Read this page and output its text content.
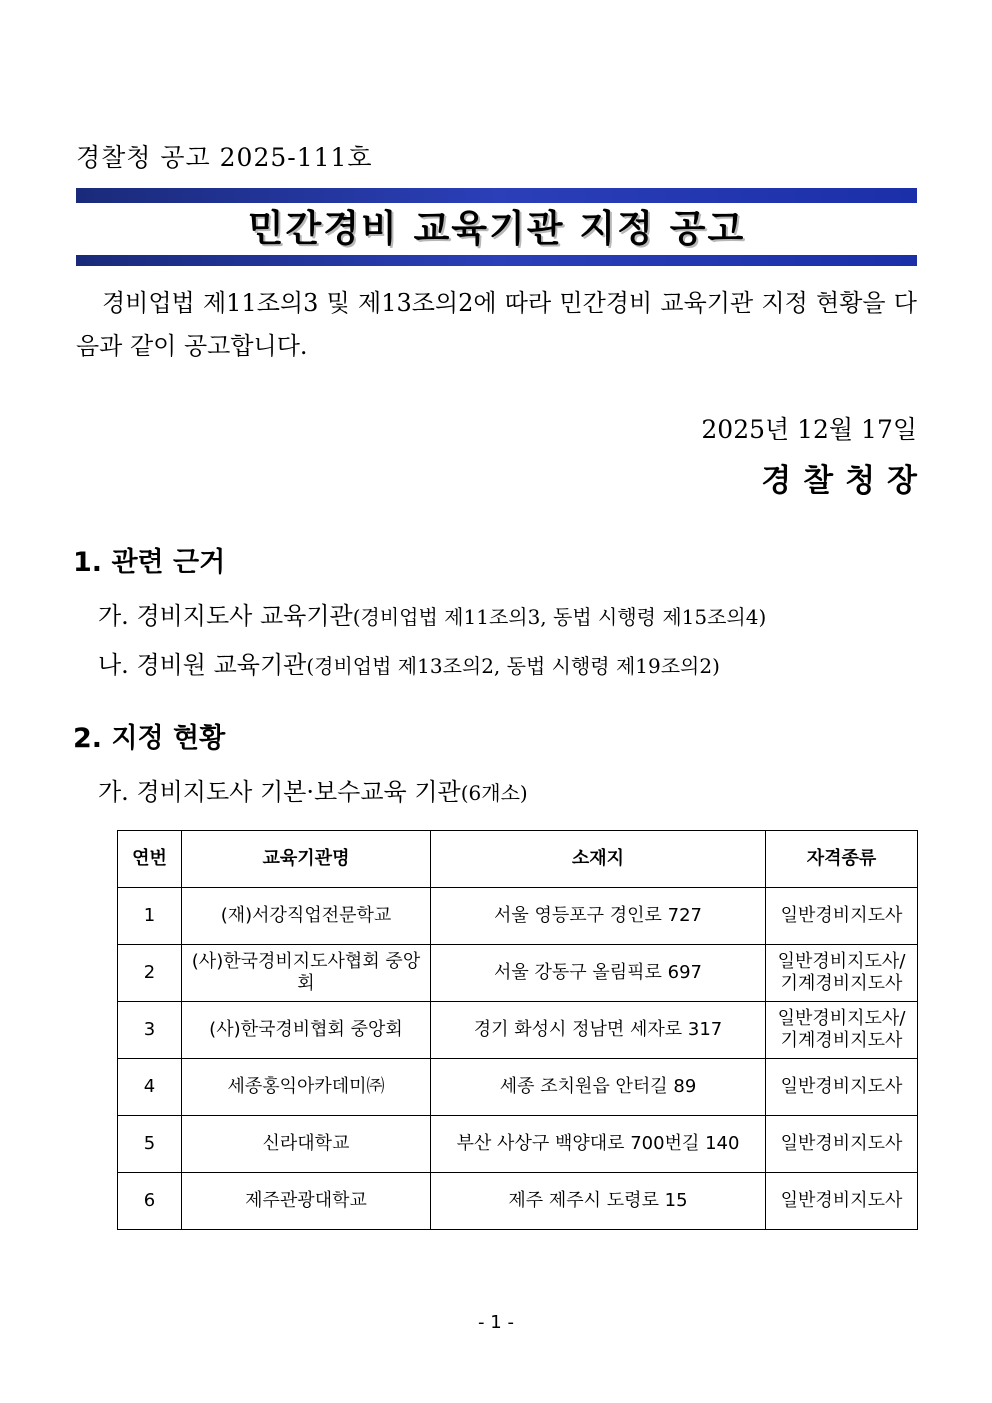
경찰청 공고 2025-111호
민간경비 교육기관 지정 공고
경비업법 제11조의3 및 제13조의2에 따라 민간경비 교육기관 지정 현황을 다음과 같이 공고합니다.
2025년 12월 17일
경찰청장
1. 관련 근거
가. 경비지도사 교육기관(경비업법 제11조의3, 동법 시행령 제15조의4)
나. 경비원 교육기관(경비업법 제13조의2, 동법 시행령 제19조의2)
2. 지정 현황
가. 경비지도사 기본·보수교육 기관(6개소)
연번	교육기관명	소재지	자격종류
1	(재)서강직업전문학교	서울 영등포구 경인로 727	일반경비지도사
2	(사)한국경비지도사협회 중앙회	서울 강동구 올림픽로 697	일반경비지도사/ 기계경비지도사
3	(사)한국경비협회 중앙회	경기 화성시 정남면 세자로 317	일반경비지도사/ 기계경비지도사
4	세종홍익아카데미㈜	세종 조치원읍 안터길 89	일반경비지도사
5	신라대학교	부산 사상구 백양대로 700번길 140	일반경비지도사
6	제주관광대학교	제주 제주시 도령로 15	일반경비지도사
- 1 -
